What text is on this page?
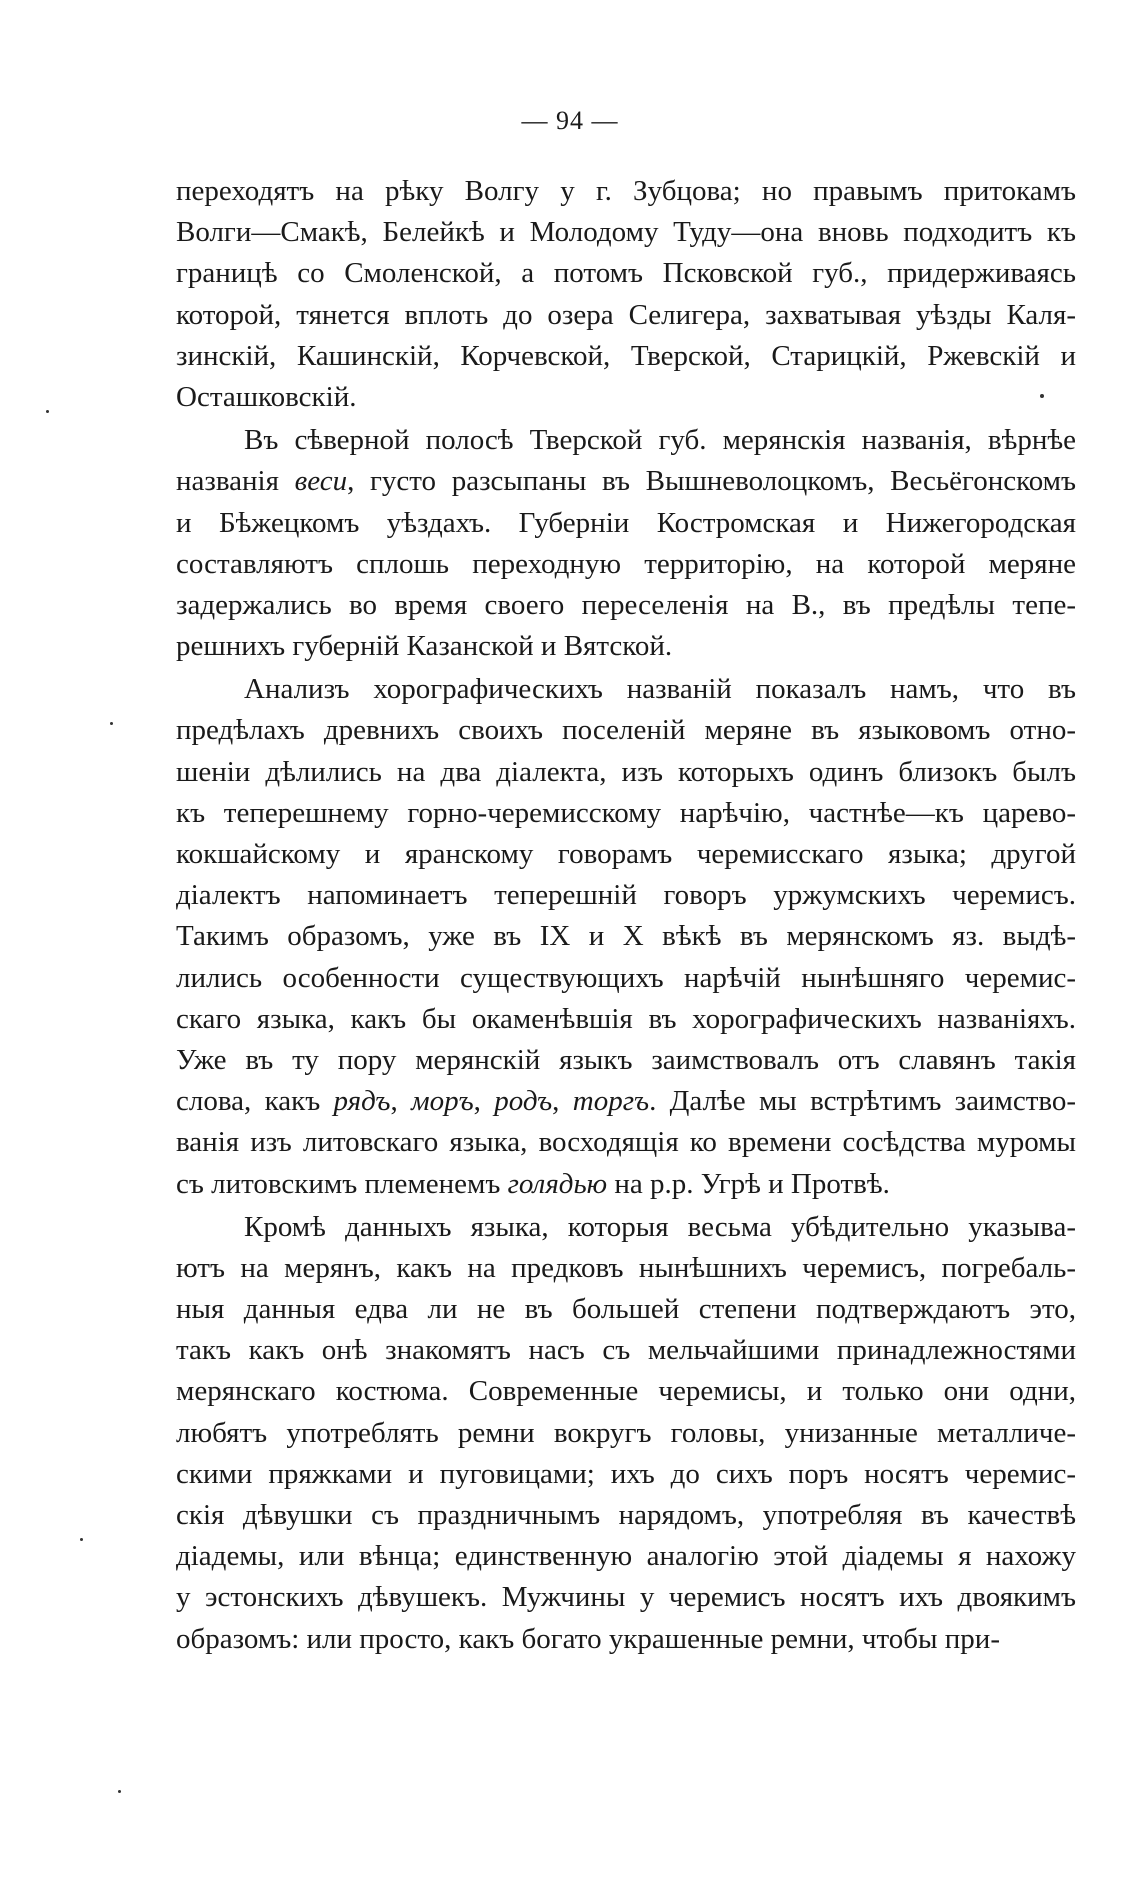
— 94 —
переходятъ на рѣку Волгу у г. Зубцова; но правымъ притокамъ
Волги—Смакѣ, Белейкѣ и Молодому Туду—она вновь подходитъ къ
границѣ со Смоленской, а потомъ Псковской губ., придерживаясь
которой, тянется вплоть до озера Селигера, захватывая уѣзды Каля-
зинскій, Кашинскій, Корчевской, Тверской, Старицкій, Ржевскій и
Осташковскій.
Въ сѣверной полосѣ Тверской губ. мерянскія названія, вѣрнѣе
названія веси, густо разсыпаны въ Вышневолоцкомъ, Весьёгонскомъ
и Бѣжецкомъ уѣздахъ. Губерніи Костромская и Нижегородская
составляютъ сплошь переходную территорію, на которой меряне
задержались во время своего переселенія на В., въ предѣлы тепе-
решнихъ губерній Казанской и Вятской.
Анализъ хорографическихъ названій показалъ намъ, что въ
предѣлахъ древнихъ своихъ поселеній меряне въ языковомъ отно-
шеніи дѣлились на два діалекта, изъ которыхъ одинъ близокъ былъ
къ теперешнему горно-черемисскому нарѣчію, частнѣе—къ царево-
кокшайскому и яранскому говорамъ черемисскаго языка; другой
діалектъ напоминаетъ теперешній говоръ уржумскихъ черемисъ.
Такимъ образомъ, уже въ IX и X вѣкѣ въ мерянскомъ яз. выдѣ-
лились особенности существующихъ нарѣчій нынѣшняго черемис-
скаго языка, какъ бы окаменѣвшія въ хорографическихъ названіяхъ.
Уже въ ту пору мерянскій языкъ заимствовалъ отъ славянъ такія
слова, какъ рядъ, моръ, родъ, торгъ. Далѣе мы встрѣтимъ заимство-
ванія изъ литовскаго языка, восходящія ко времени сосѣдства муромы
съ литовскимъ племенемъ голядью на р.р. Угрѣ и Протвѣ.
Кромѣ данныхъ языка, которыя весьма убѣдительно указыва-
ютъ на мерянъ, какъ на предковъ нынѣшнихъ черемисъ, погребаль-
ныя данныя едва ли не въ большей степени подтверждаютъ это,
такъ какъ онѣ знакомятъ насъ съ мельчайшими принадлежностями
мерянскаго костюма. Современные черемисы, и только они одни,
любятъ употреблять ремни вокругъ головы, унизанные металличе-
скими пряжками и пуговицами; ихъ до сихъ поръ носятъ черемис-
скія дѣвушки съ праздничнымъ нарядомъ, употребляя въ качествѣ
діадемы, или вѣнца; единственную аналогію этой діадемы я нахожу
у эстонскихъ дѣвушекъ. Мужчины у черемисъ носятъ ихъ двоякимъ
образомъ: или просто, какъ богато украшенные ремни, чтобы при-
